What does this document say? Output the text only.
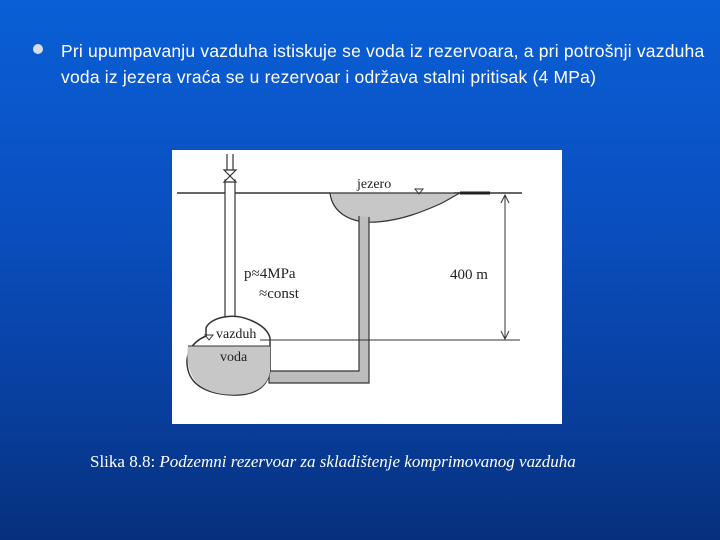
Pri upumpavanju vazduha istiskuje se voda iz rezervoara, a pri potrošnji vazduha voda iz jezera vraća se u rezervoar i održava stalni pritisak (4 MPa)
jezero
p≈4MPa
≈const
400 m
vazduh
voda
Slika 8.8: Podzemni rezervoar za skladištenje komprimovanog vazduha
